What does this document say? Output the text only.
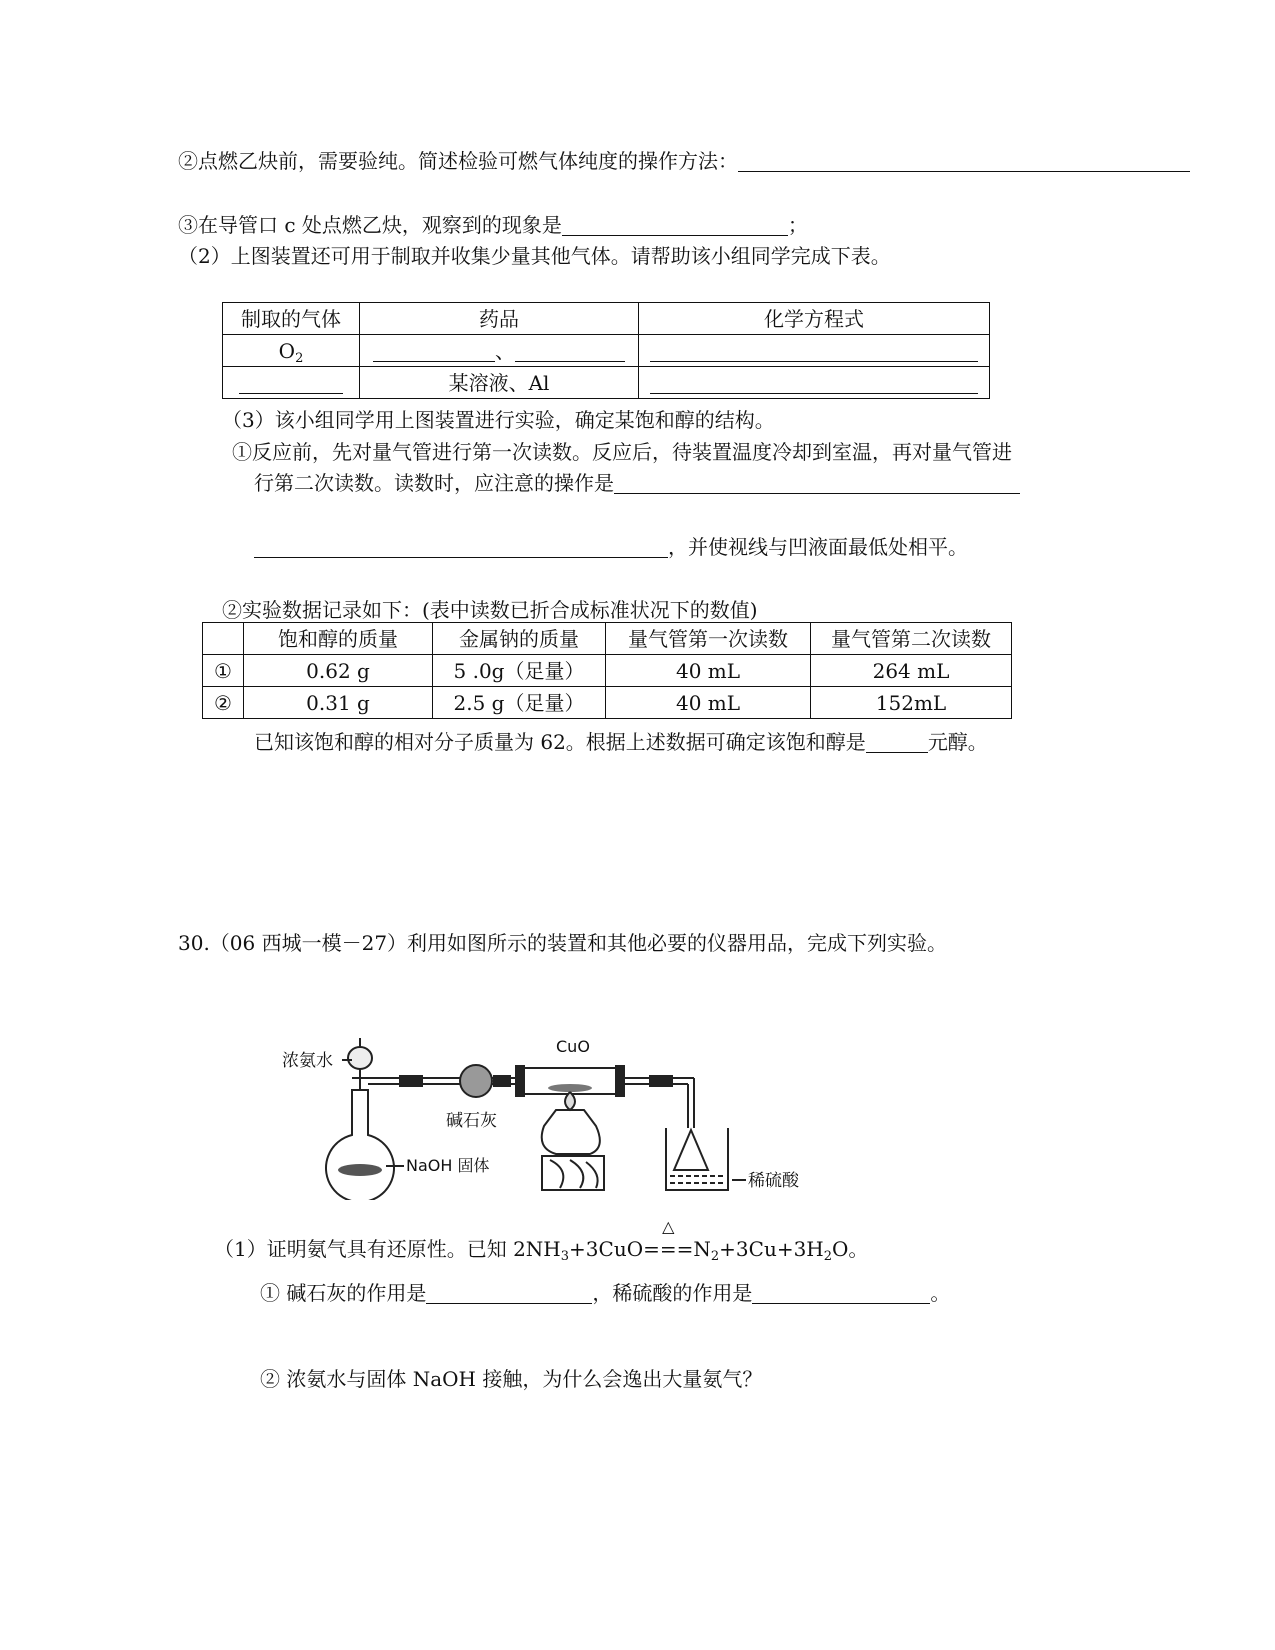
②点燃乙炔前，需要验纯。简述检验可燃气体纯度的操作方法：
③在导管口 c 处点燃乙炔，观察到的现象是	；
（2）上图装置还可用于制取并收集少量其他气体。请帮助该小组同学完成下表。
制取的气体	药品	化学方程式
$O_2$	、	
	某溶液、Al	
（3）该小组同学用上图装置进行实验，确定某饱和醇的结构。
①反应前，先对量气管进行第一次读数。反应后，待装置温度冷却到室温，再对量气管进
行第二次读数。读数时，应注意的操作是
，并使视线与凹液面最低处相平。
②实验数据记录如下：(表中读数已折合成标准状况下的数值)
	饱和醇的质量	金属钠的质量	量气管第一次读数	量气管第二次读数
①	0.62 g	5 .0g（足量）	40 mL	264 mL
②	0.31 g	2.5 g（足量）	40 mL	152mL
已知该饱和醇的相对分子质量为 62。根据上述数据可确定该饱和醇是	元醇。
30.（06 西城一模－27）利用如图所示的装置和其他必要的仪器用品，完成下列实验。
浓氨水
CuO
碱石灰
NaOH 固体
稀硫酸
（1）证明氨气具有还原性。已知 $2NH_3+3CuO$
△
$===N_2+3Cu+3H_2O$。
① 碱石灰的作用是	，稀硫酸的作用是	。
② 浓氨水与固体 NaOH 接触，为什么会逸出大量氨气？
